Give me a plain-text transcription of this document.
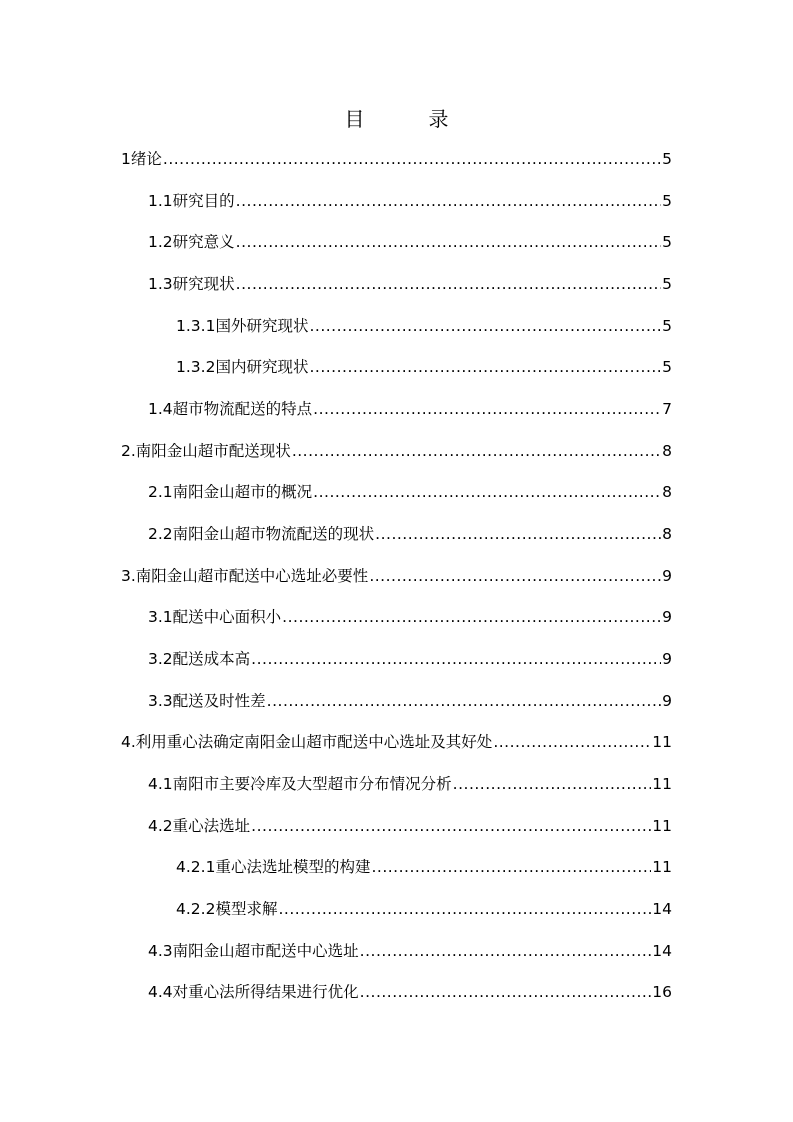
目　录
1 绪论 .....	5
1.1 研究目的 .....	5
1.2 研究意义 .....	5
1.3 研究现状 .....	5
1.3.1 国外研究现状 .....	5
1.3.2 国内研究现状 .....	5
1.4 超市物流配送的特点 .....	7
2. 南阳金山超市配送现状 .....	8
2.1 南阳金山超市的概况 .....	8
2.2 南阳金山超市物流配送的现状 .....	8
3. 南阳金山超市配送中心选址必要性 .....	9
3.1 配送中心面积小 .....	9
3.2 配送成本高 .....	9
3.3 配送及时性差 .....	9
4. 利用重心法确定南阳金山超市配送中心选址及其好处 .....	11
4.1 南阳市主要冷库及大型超市分布情况分析 .....	11
4.2 重心法选址 .....	11
4.2.1 重心法选址模型的构建 .....	11
4.2.2 模型求解 .....	14
4.3 南阳金山超市配送中心选址 .....	14
4.4 对重心法所得结果进行优化 .....	16
